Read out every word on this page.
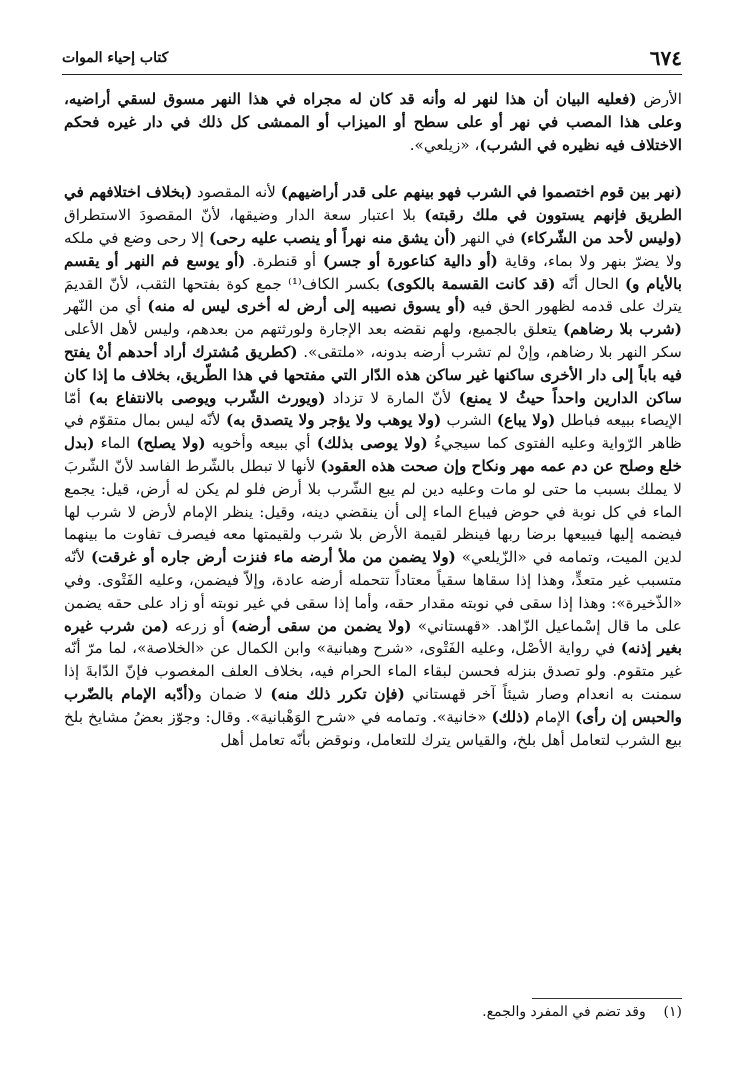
٦٧٤
كتاب إحياء الموات

الأرض (فعليه البيان أن هذا لنهر له وأنه قد كان له مجراه في هذا النهر مسوق لسقي أراضيه، وعلى هذا المصب في نهر أو على سطح أو الميزاب أو الممشى كل ذلك في دار غيره فحكم الاختلاف فيه نظيره في الشرب)، «زيلعي».

(نهر بين قوم اختصموا في الشرب فهو بينهم على قدر أراضيهم) لأنه المقصود (بخلاف اختلافهم في الطريق فإنهم يستوون في ملك رقبته) بلا اعتبار سعة الدار وضيقها، لأنّ المقصودَ الاستطراق (وليس لأحد من الشّركاء) في النهر (أن يشق منه نهراً أو ينصب عليه رحى) إلا رحى وضع في ملكه ولا يضرّ بنهر ولا بماء، وقاية (أو دالية كناعورة أو جسر) أو قنطرة. (أو يوسع فم النهر أو يقسم بالأيام و) الحال أنّه (قد كانت القسمة بالكوى) بكسر الكاف⁽¹⁾ جمع كوة بفتحها الثقب، لأنّ القديمَ يترك على قدمه لظهور الحق فيه (أو يسوق نصيبه إلى أرض له أخرى ليس له منه) أي من النّهر (شرب بلا رضاهم) يتعلق بالجميع، ولهم نقضه بعد الإجارة ولورثتهم من بعدهم، وليس لأهل الأعلى سكر النهر بلا رضاهم، وإنْ لم تشرب أرضه بدونه، «ملتقى». (كطريق مُشترك أراد أحدهم أنْ يفتح فيه باباً إلى دار الأخرى ساكنها غير ساكن هذه الدّار التي مفتحها في هذا الطّريق، بخلاف ما إذا كان ساكن الدارين واحداً حيثُ لا يمنع) لأنّ المارة لا تزداد (ويورث الشّرب ويوصى بالانتفاع به) أمّا الإيصاء ببيعه فباطل (ولا يباع) الشرب (ولا يوهب ولا يؤجر ولا يتصدق به) لأنّه ليس بمال متقوّم في ظاهر الرّواية وعليه الفتوى كما سيجيءُ (ولا يوصى بذلك) أي ببيعه وأخويه (ولا يصلح) الماء (بدل خلع وصلح عن دم عمه مهر ونكاح وإن صحت هذه العقود) لأنها لا تبطل بالشّرط الفاسد لأنّ الشّربَ لا يملك بسبب ما حتى لو مات وعليه دين لم يبع الشّرب بلا أرض فلو لم يكن له أرض، قيل: يجمع الماء في كل نوبة في حوض فيباع الماء إلى أن ينقضي دينه، وقيل: ينظر الإمام لأرض لا شرب لها فيضمه إليها فيبيعها برضا ربها فينظر لقيمة الأرض بلا شرب ولقيمتها معه فيصرف تفاوت ما بينهما لدين الميت، وتمامه في «الزّيلعي» (ولا يضمن من ملأ أرضه ماء فنزت أرض جاره أو غرقت) لأنّه متسبب غير متعدٍّ، وهذا إذا سقاها سقياً معتاداً تتحمله أرضه عادة، وإلاّ فيضمن، وعليه الفَتْوى. وفي «الذّخيرة»: وهذا إذا سقى في نوبته مقدار حقه، وأما إذا سقى في غير نوبته أو زاد على حقه يضمن على ما قال إسْماعيل الزّاهد. «قهستاني» (ولا يضمن من سقى أرضه) أو زرعه (من شرب غيره بغير إذنه) في رواية الأصْل، وعليه الفَتْوى، «شرح وهبانية» وابن الكمال عن «الخلاصة»، لما مرّ أنّه غير متقوم. ولو تصدق بنزله فحسن لبقاء الماء الحرام فيه، بخلاف العلف المغصوب فإنّ الدّابةَ إذا سمنت به انعدام وصار شيئاً آخر قهستاني (فإن تكرر ذلك منه) لا ضمان و(أدّبه الإمام بالضّرب والحبس إن رأى) الإمام (ذلك) «خانية». وتمامه في «شرح الوَهْبانية». وقال: وجوّز بعضُ مشايخ بلخ بيع الشرب لتعامل أهل بلخ، والقياس يترك للتعامل، ونوقض بأنّه تعامل أهل

(١)    وقد تضم في المفرد والجمع.
